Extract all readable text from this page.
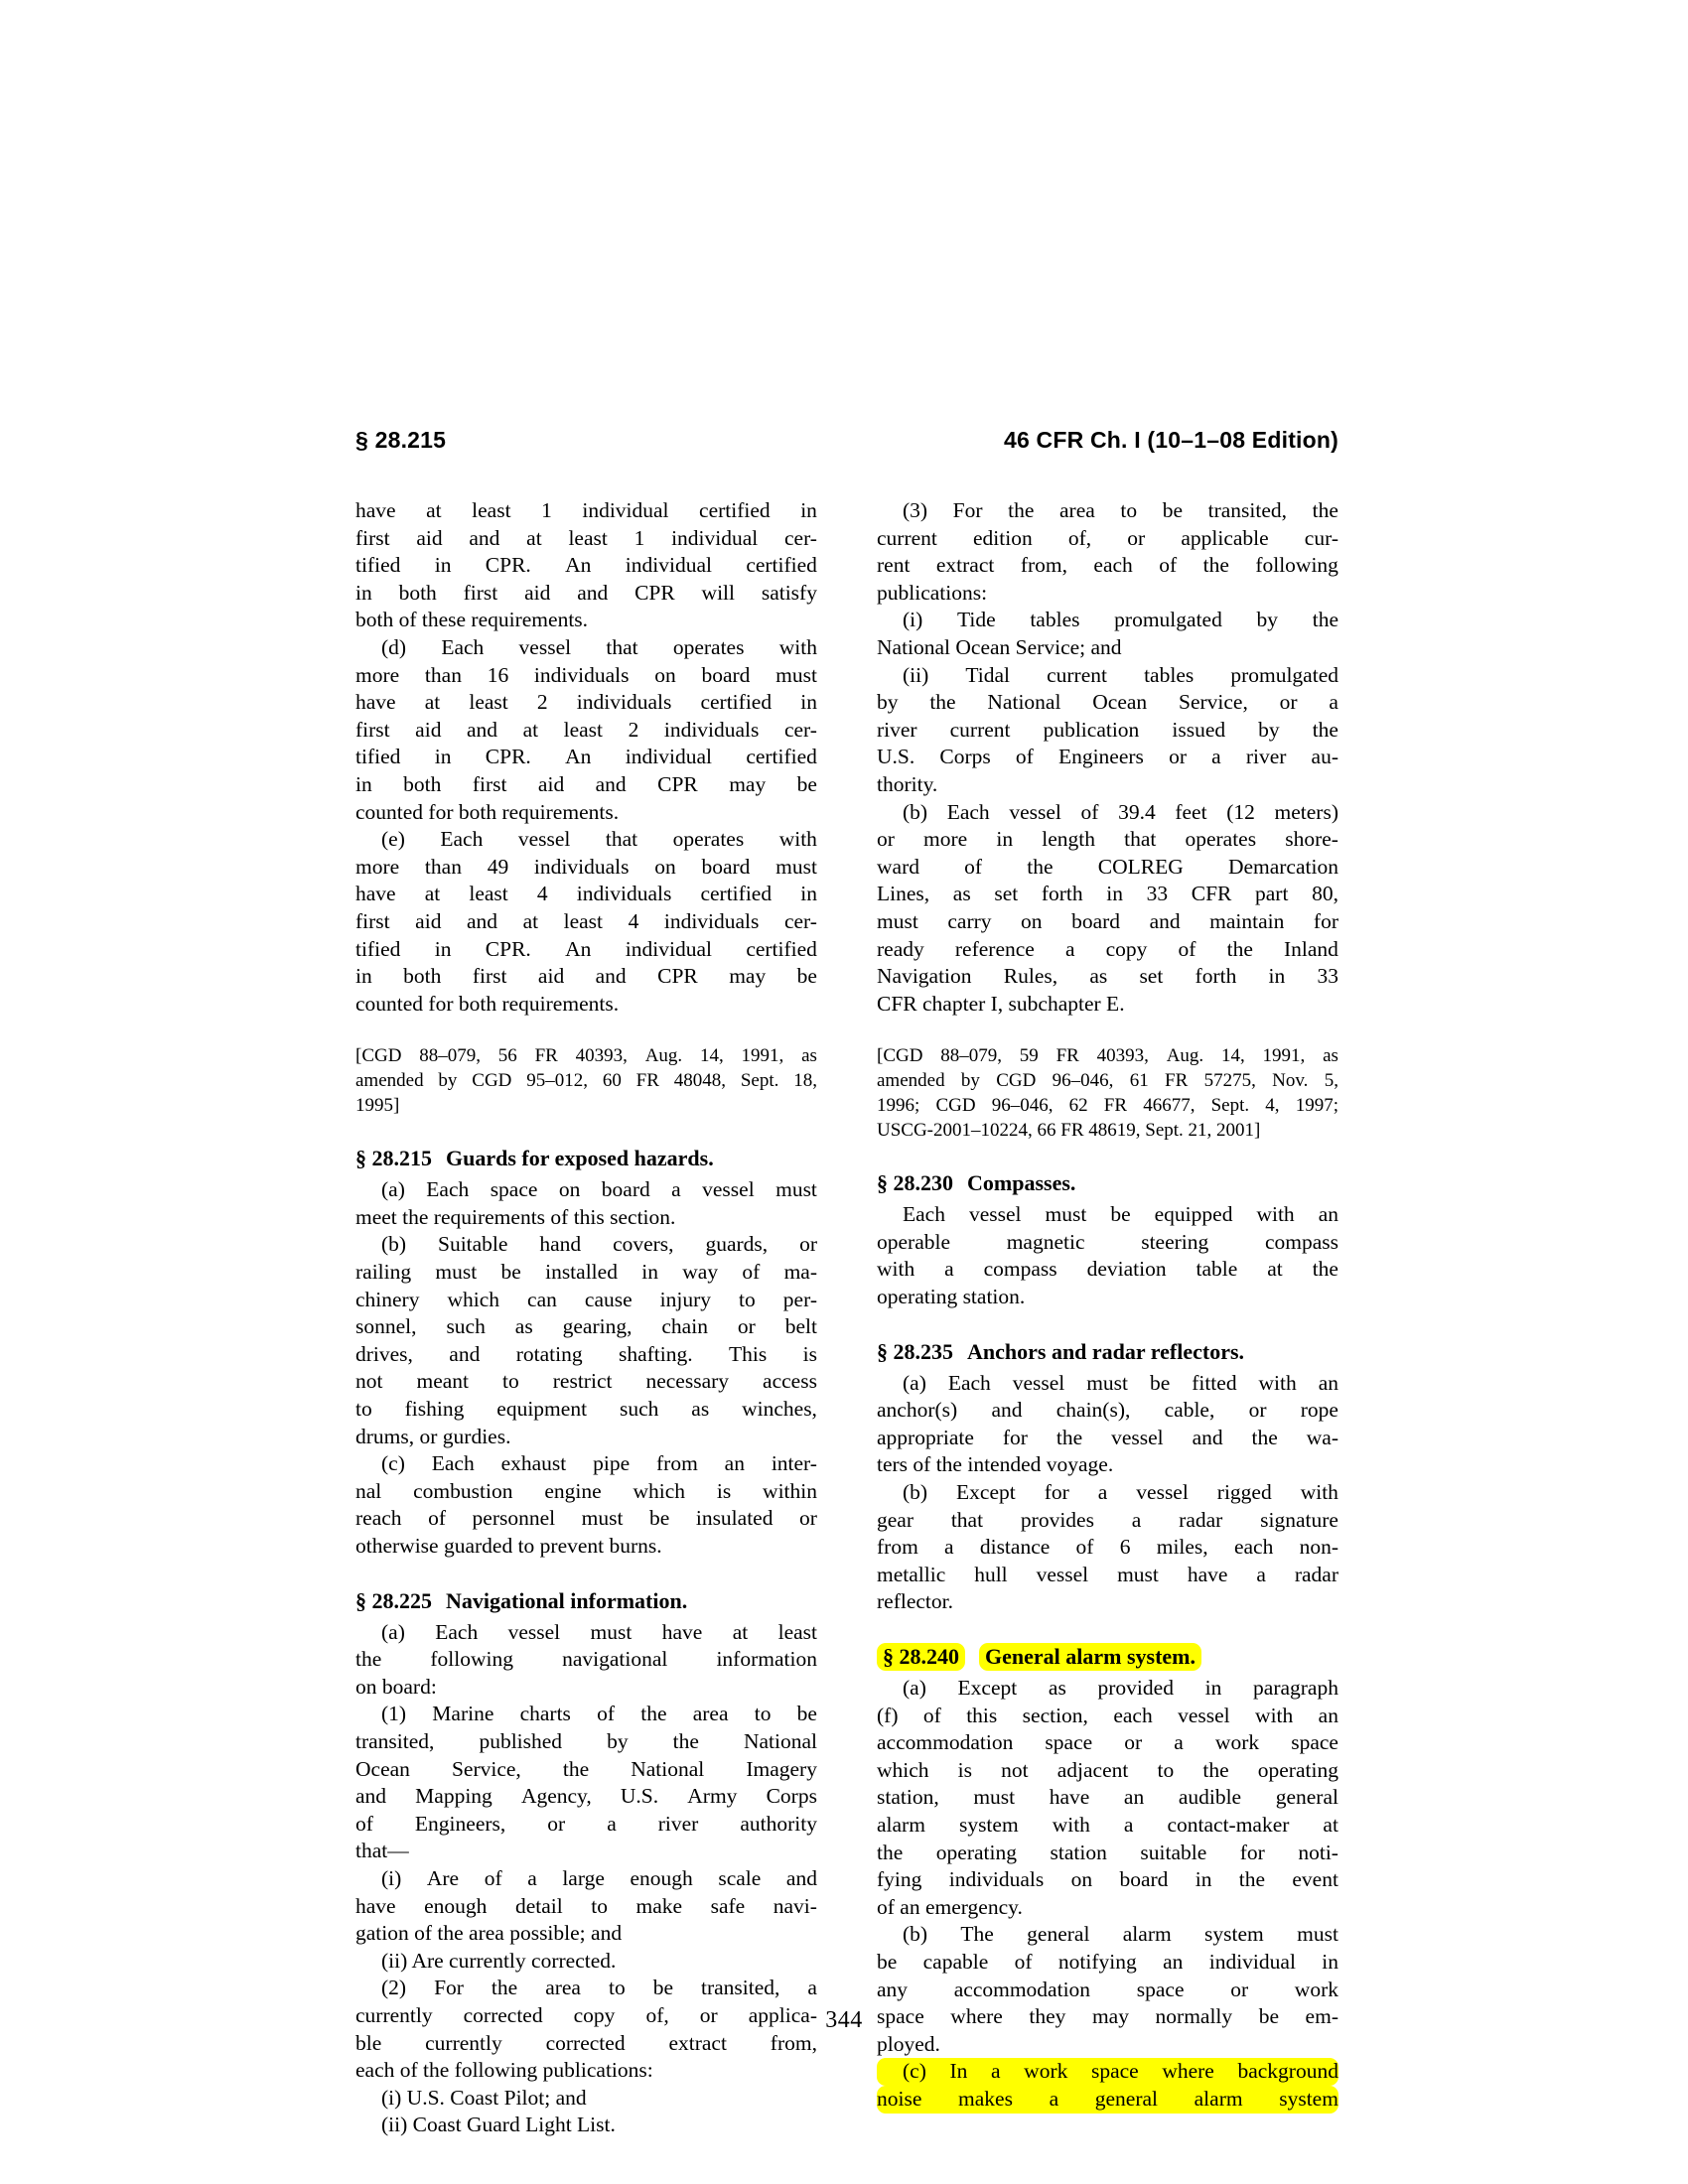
§ 28.215	46 CFR Ch. I (10–1–08 Edition)
have at least 1 individual certified in
first aid and at least 1 individual cer-
tified in CPR. An individual certified
in both first aid and CPR will satisfy
both of these requirements.
(d) Each vessel that operates with
more than 16 individuals on board must
have at least 2 individuals certified in
first aid and at least 2 individuals cer-
tified in CPR. An individual certified
in both first aid and CPR may be
counted for both requirements.
(e) Each vessel that operates with
more than 49 individuals on board must
have at least 4 individuals certified in
first aid and at least 4 individuals cer-
tified in CPR. An individual certified
in both first aid and CPR may be
counted for both requirements.
[CGD 88–079, 56 FR 40393, Aug. 14, 1991, as
amended by CGD 95–012, 60 FR 48048, Sept. 18,
1995]
§ 28.215 Guards for exposed hazards.
(a) Each space on board a vessel must
meet the requirements of this section.
(b) Suitable hand covers, guards, or
railing must be installed in way of ma-
chinery which can cause injury to per-
sonnel, such as gearing, chain or belt
drives, and rotating shafting. This is
not meant to restrict necessary access
to fishing equipment such as winches,
drums, or gurdies.
(c) Each exhaust pipe from an inter-
nal combustion engine which is within
reach of personnel must be insulated or
otherwise guarded to prevent burns.
§ 28.225 Navigational information.
(a) Each vessel must have at least
the following navigational information
on board:
(1) Marine charts of the area to be
transited, published by the National
Ocean Service, the National Imagery
and Mapping Agency, U.S. Army Corps
of Engineers, or a river authority
that—
(i) Are of a large enough scale and
have enough detail to make safe navi-
gation of the area possible; and
(ii) Are currently corrected.
(2) For the area to be transited, a
currently corrected copy of, or applica-
ble currently corrected extract from,
each of the following publications:
(i) U.S. Coast Pilot; and
(ii) Coast Guard Light List.
(3) For the area to be transited, the
current edition of, or applicable cur-
rent extract from, each of the following
publications:
(i) Tide tables promulgated by the
National Ocean Service; and
(ii) Tidal current tables promulgated
by the National Ocean Service, or a
river current publication issued by the
U.S. Corps of Engineers or a river au-
thority.
(b) Each vessel of 39.4 feet (12 meters)
or more in length that operates shore-
ward of the COLREG Demarcation
Lines, as set forth in 33 CFR part 80,
must carry on board and maintain for
ready reference a copy of the Inland
Navigation Rules, as set forth in 33
CFR chapter I, subchapter E.
[CGD 88–079, 59 FR 40393, Aug. 14, 1991, as
amended by CGD 96–046, 61 FR 57275, Nov. 5,
1996; CGD 96–046, 62 FR 46677, Sept. 4, 1997;
USCG-2001–10224, 66 FR 48619, Sept. 21, 2001]
§ 28.230 Compasses.
Each vessel must be equipped with an
operable	magnetic	steering	compass
with a compass deviation table at the
operating station.
§ 28.235 Anchors and radar reflectors.
(a) Each vessel must be fitted with an
anchor(s) and chain(s), cable, or rope
appropriate for the vessel and the wa-
ters of the intended voyage.
(b) Except for a vessel rigged with
gear that provides a radar signature
from a distance of 6 miles, each non-
metallic hull vessel must have a radar
reflector.
§ 28.240 General alarm system.
(a) Except as provided in paragraph
(f) of this section, each vessel with an
accommodation space or a work space
which is not adjacent to the operating
station, must have an audible general
alarm system with a contact-maker at
the operating station suitable for noti-
fying individuals on board in the event
of an emergency.
(b) The general alarm system must
be capable of notifying an individual in
any accommodation space or work
space where they may normally be em-
ployed.
(c) In a work space where background
noise makes a general alarm system
344
